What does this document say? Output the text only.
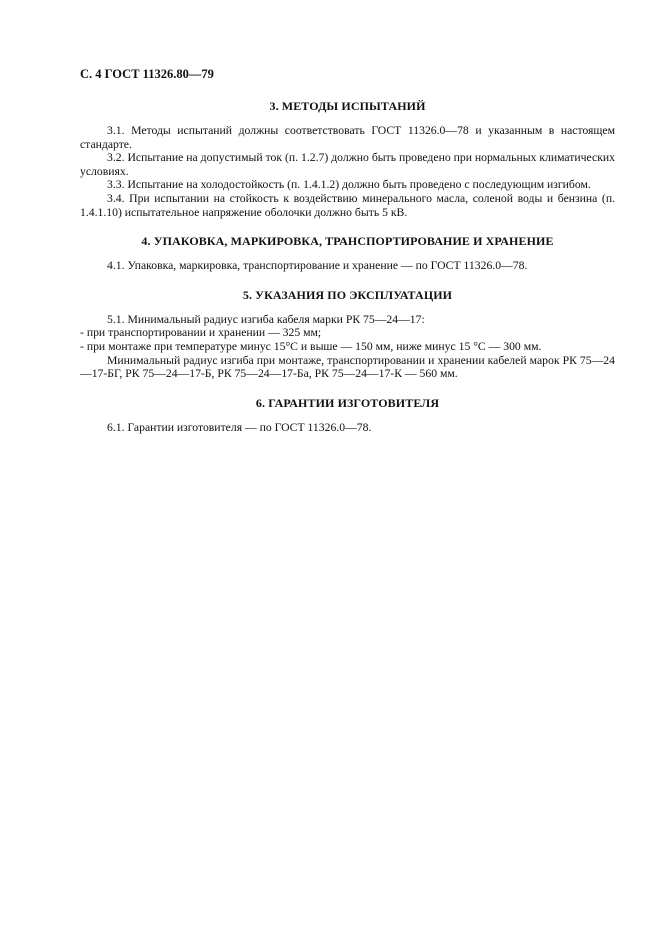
С. 4 ГОСТ 11326.80—79

3. МЕТОДЫ ИСПЫТАНИЙ

3.1. Методы испытаний должны соответствовать ГОСТ 11326.0—78 и указанным в настоящем стандарте.

3.2. Испытание на допустимый ток (п. 1.2.7) должно быть проведено при нормальных климатических условиях.

3.3. Испытание на холодостойкость (п. 1.4.1.2) должно быть проведено с последующим изгибом.

3.4. При испытании на стойкость к воздействию минерального масла, соленой воды и бензина (п. 1.4.1.10) испытательное напряжение оболочки должно быть 5 кВ.

4. УПАКОВКА, МАРКИРОВКА, ТРАНСПОРТИРОВАНИЕ И ХРАНЕНИЕ

4.1. Упаковка, маркировка, транспортирование и хранение — по ГОСТ 11326.0—78.

5. УКАЗАНИЯ ПО ЭКСПЛУАТАЦИИ

5.1. Минимальный радиус изгиба кабеля марки РК 75—24—17:

- при транспортировании и хранении — 325 мм;

- при монтаже при температуре минус 15°С и выше — 150 мм, ниже минус 15 °С — 300 мм.

Минимальный радиус изгиба при монтаже, транспортировании и хранении кабелей марок РК 75—24—17-БГ, РК 75—24—17-Б, РК 75—24—17-Ба, РК 75—24—17-К — 560 мм.

6. ГАРАНТИИ ИЗГОТОВИТЕЛЯ

6.1. Гарантии изготовителя — по ГОСТ 11326.0—78.
